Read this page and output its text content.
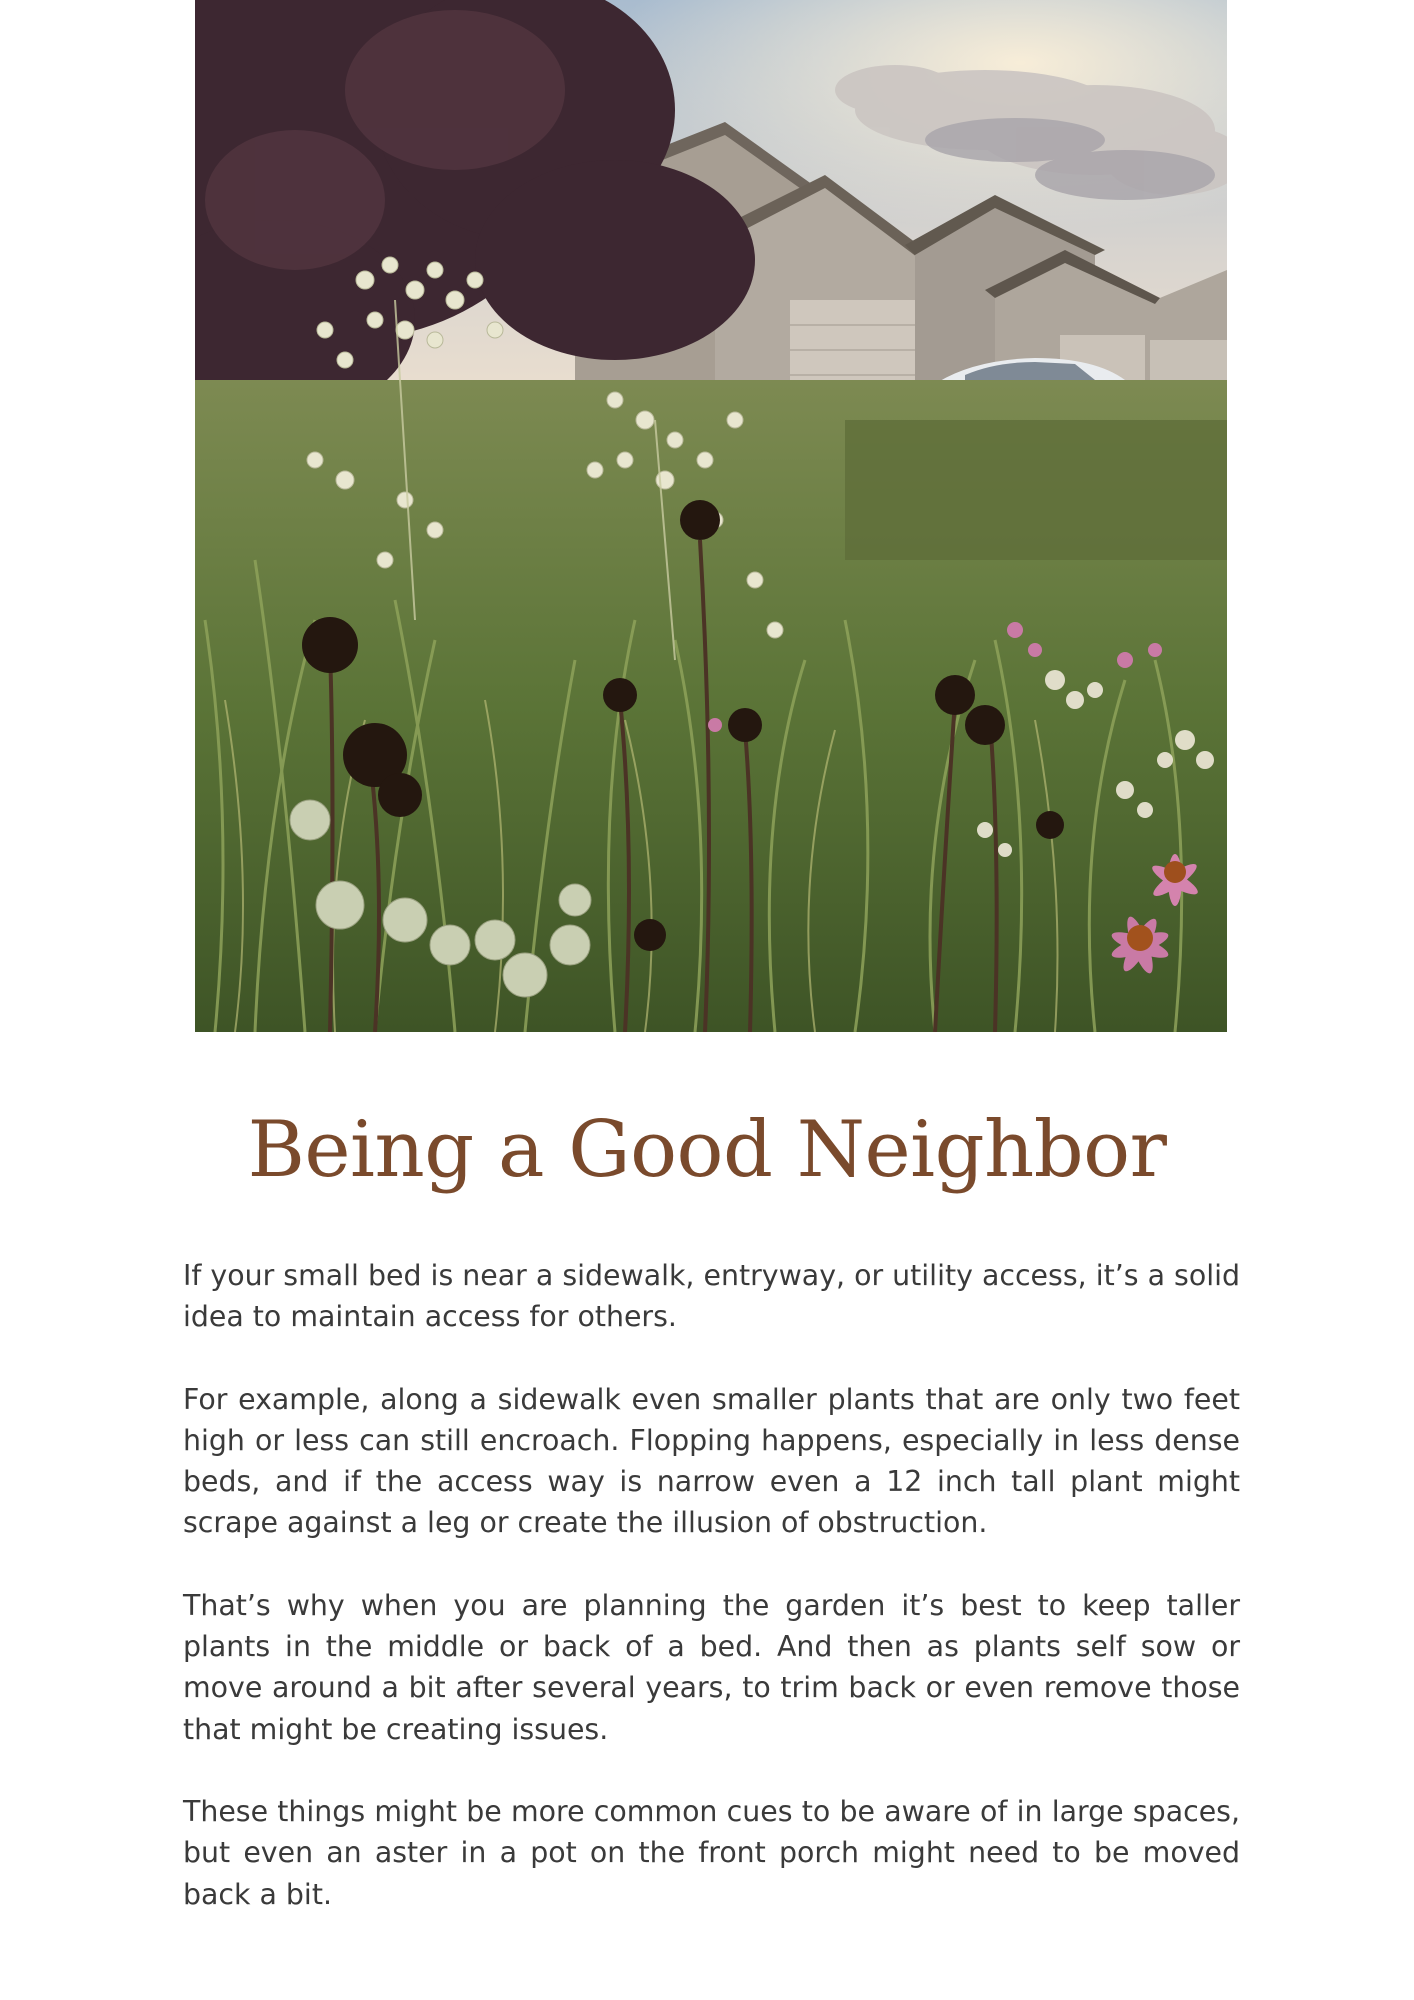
Being a Good Neighbor

If your small bed is near a sidewalk, entryway, or utility access, it’s a solid idea to maintain access for others.

For example, along a sidewalk even smaller plants that are only two feet high or less can still encroach. Flopping happens, especially in less dense beds, and if the access way is narrow even a 12 inch tall plant might scrape against a leg or create the illusion of obstruction.

That’s why when you are planning the garden it’s best to keep taller plants in the middle or back of a bed. And then as plants self sow or move around a bit after several years, to trim back or even remove those that might be creating issues.

These things might be more common cues to be aware of in large spaces, but even an aster in a pot on the front porch might need to be moved back a bit.
